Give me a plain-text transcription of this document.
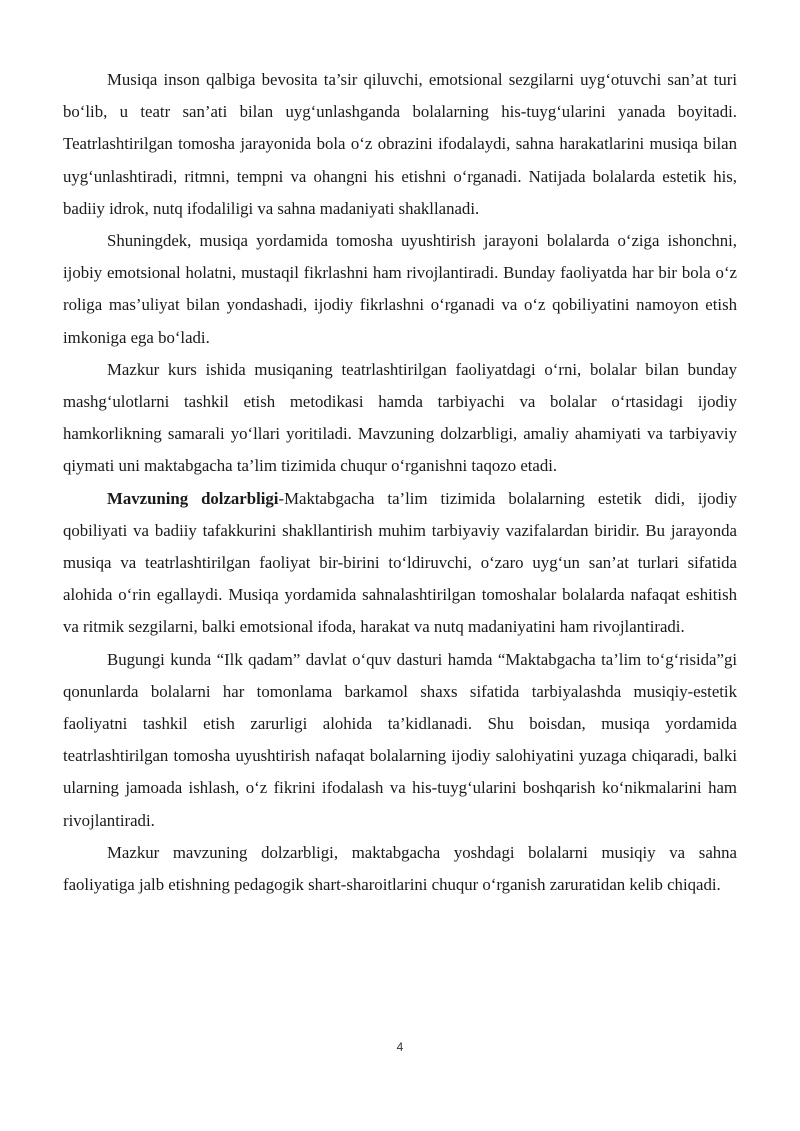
Musiqa inson qalbiga bevosita ta’sir qiluvchi, emotsional sezgilarni uyg‘otuvchi san’at turi bo‘lib, u teatr san’ati bilan uyg‘unlashganda bolalarning his-tuyg‘ularini yanada boyitadi. Teatrlashtirilgan tomosha jarayonida bola o‘z obrazini ifodalaydi, sahna harakatlarini musiqa bilan uyg‘unlashtiradi, ritmni, tempni va ohangni his etishni o‘rganadi. Natijada bolalarda estetik his, badiiy idrok, nutq ifodaliligi va sahna madaniyati shakllanadi.

Shuningdek, musiqa yordamida tomosha uyushtirish jarayoni bolalarda o‘ziga ishonchni, ijobiy emotsional holatni, mustaqil fikrlashni ham rivojlantiradi. Bunday faoliyatda har bir bola o‘z roliga mas’uliyat bilan yondashadi, ijodiy fikrlashni o‘rganadi va o‘z qobiliyatini namoyon etish imkoniga ega bo‘ladi.

Mazkur kurs ishida musiqaning teatrlashtirilgan faoliyatdagi o‘rni, bolalar bilan bunday mashg‘ulotlarni tashkil etish metodikasi hamda tarbiyachi va bolalar o‘rtasidagi ijodiy hamkorlikning samarali yo‘llari yoritiladi. Mavzuning dolzarbligi, amaliy ahamiyati va tarbiyaviy qiymati uni maktabgacha ta’lim tizimida chuqur o‘rganishni taqozo etadi.

Mavzuning dolzarbligi-Maktabgacha ta’lim tizimida bolalarning estetik didi, ijodiy qobiliyati va badiiy tafakkurini shakllantirish muhim tarbiyaviy vazifalardan biridir. Bu jarayonda musiqa va teatrlashtirilgan faoliyat bir-birini to‘ldiruvchi, o‘zaro uyg‘un san’at turlari sifatida alohida o‘rin egallaydi. Musiqa yordamida sahnalashtirilgan tomoshalar bolalarda nafaqat eshitish va ritmik sezgilarni, balki emotsional ifoda, harakat va nutq madaniyatini ham rivojlantiradi.

Bugungi kunda “Ilk qadam” davlat o‘quv dasturi hamda “Maktabgacha ta’lim to‘g‘risida”gi qonunlarda bolalarni har tomonlama barkamol shaxs sifatida tarbiyalashda musiqiy-estetik faoliyatni tashkil etish zarurligi alohida ta’kidlanadi. Shu boisdan, musiqa yordamida teatrlashtirilgan tomosha uyushtirish nafaqat bolalarning ijodiy salohiyatini yuzaga chiqaradi, balki ularning jamoada ishlash, o‘z fikrini ifodalash va his-tuyg‘ularini boshqarish ko‘nikmalarini ham rivojlantiradi.

Mazkur mavzuning dolzarbligi, maktabgacha yoshdagi bolalarni musiqiy va sahna faoliyatiga jalb etishning pedagogik shart-sharoitlarini chuqur o‘rganish zaruratidan kelib chiqadi.

4
